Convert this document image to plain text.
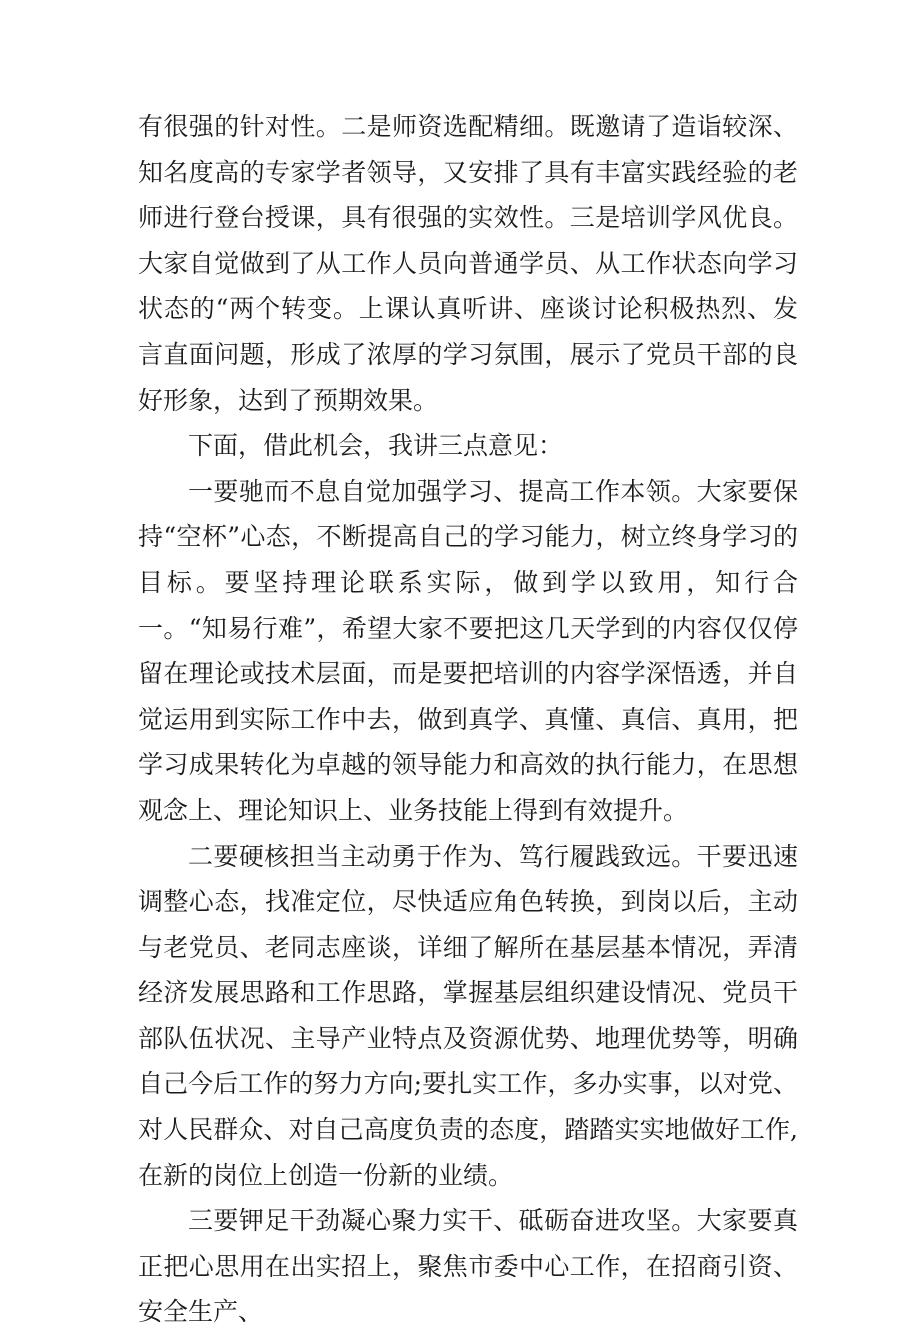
有很强的针对性。二是师资选配精细。既邀请了造诣较深、知名度高的专家学者领导，又安排了具有丰富实践经验的老师进行登台授课，具有很强的实效性。三是培训学风优良。大家自觉做到了从工作人员向普通学员、从工作状态向学习状态的“两个转变。上课认真听讲、座谈讨论积极热烈、发言直面问题，形成了浓厚的学习氛围，展示了党员干部的良好形象，达到了预期效果。

下面，借此机会，我讲三点意见：

一要驰而不息自觉加强学习、提高工作本领。大家要保持“空杯”心态，不断提高自己的学习能力，树立终身学习的目标。要坚持理论联系实际，做到学以致用，知行合一。“知易行难”，希望大家不要把这几天学到的内容仅仅停留在理论或技术层面，而是要把培训的内容学深悟透，并自觉运用到实际工作中去，做到真学、真懂、真信、真用，把学习成果转化为卓越的领导能力和高效的执行能力，在思想观念上、理论知识上、业务技能上得到有效提升。

二要硬核担当主动勇于作为、笃行履践致远。干要迅速调整心态，找准定位，尽快适应角色转换，到岗以后，主动与老党员、老同志座谈，详细了解所在基层基本情况，弄清经济发展思路和工作思路，掌握基层组织建设情况、党员干部队伍状况、主导产业特点及资源优势、地理优势等，明确自己今后工作的努力方向;要扎实工作，多办实事，以对党、对人民群众、对自己高度负责的态度，踏踏实实地做好工作,在新的岗位上创造一份新的业绩。

三要钾足干劲凝心聚力实干、砥砺奋进攻坚。大家要真正把心思用在出实招上，聚焦市委中心工作，在招商引资、安全生产、
